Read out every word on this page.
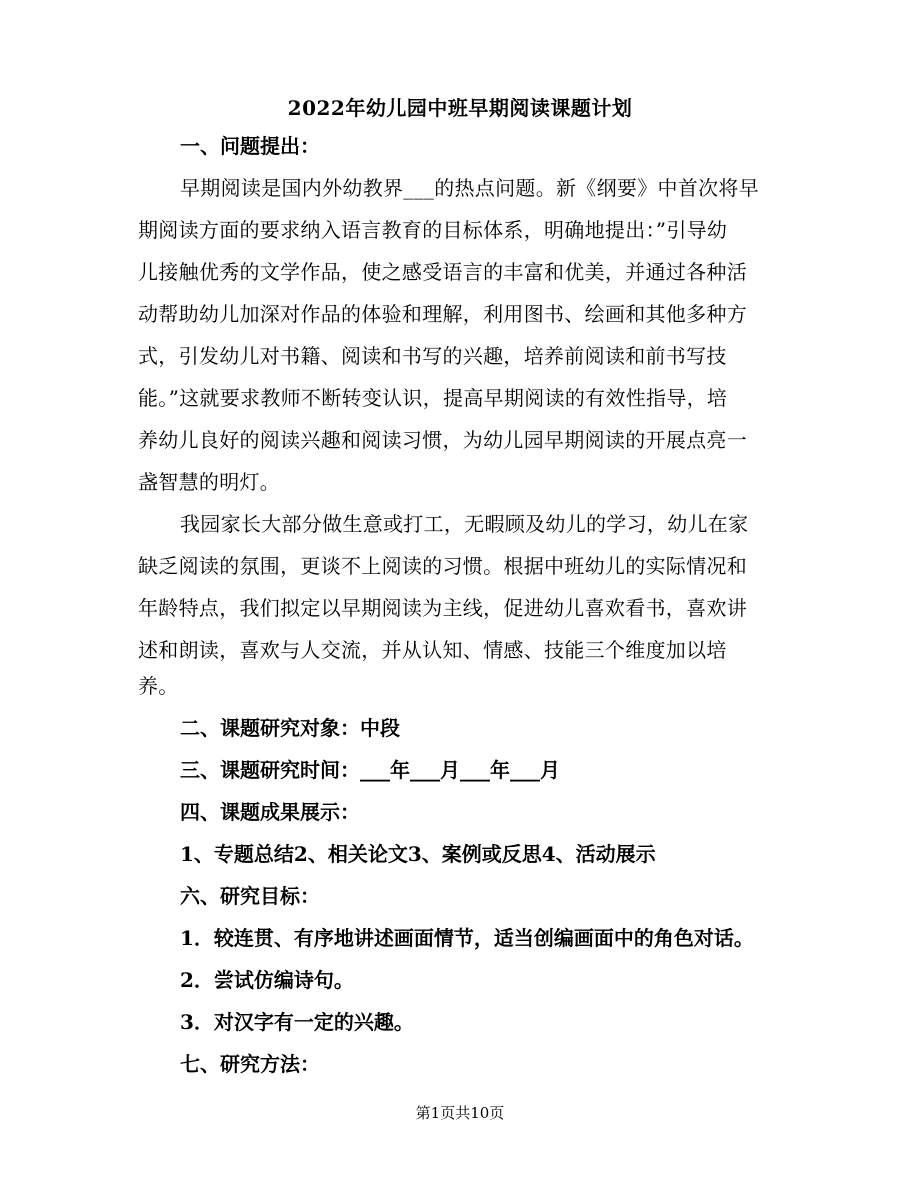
2022年幼儿园中班早期阅读课题计划
一、问题提出：
早期阅读是国内外幼教界___的热点问题。新《纲要》中首次将早
期阅读方面的要求纳入语言教育的目标体系，明确地提出：”引导幼
儿接触优秀的文学作品，使之感受语言的丰富和优美，并通过各种活
动帮助幼儿加深对作品的体验和理解，利用图书、绘画和其他多种方
式，引发幼儿对书籍、阅读和书写的兴趣，培养前阅读和前书写技
能。”这就要求教师不断转变认识，提高早期阅读的有效性指导，培
养幼儿良好的阅读兴趣和阅读习惯，为幼儿园早期阅读的开展点亮一
盏智慧的明灯。
我园家长大部分做生意或打工，无暇顾及幼儿的学习，幼儿在家
缺乏阅读的氛围，更谈不上阅读的习惯。根据中班幼儿的实际情况和
年龄特点，我们拟定以早期阅读为主线，促进幼儿喜欢看书，喜欢讲
述和朗读，喜欢与人交流，并从认知、情感、技能三个维度加以培
养。
二、课题研究对象：中段
三、课题研究时间：___年___月___年___月
四、课题成果展示：
1、专题总结2、相关论文3、案例或反思4、活动展示
六、研究目标：
1．较连贯、有序地讲述画面情节，适当创编画面中的角色对话。
2．尝试仿编诗句。
3．对汉字有一定的兴趣。
七、研究方法：
第1页共10页
